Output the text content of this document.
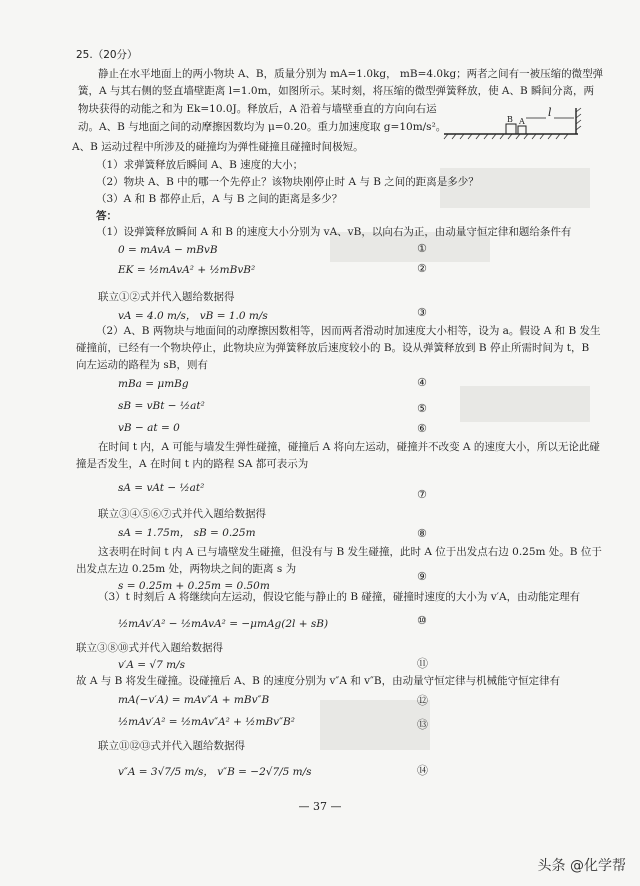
25.（20分）
静止在水平地面上的两小物块 A、B，质量分别为 mA=1.0kg， mB=4.0kg；两者之间有一被压缩的微型弹
簧，A 与其右侧的竖直墙壁距离 l=1.0m，如图所示。某时刻，将压缩的微型弹簧释放，使 A、B 瞬间分离，两
物块获得的动能之和为 Ek=10.0J。释放后，A 沿着与墙壁垂直的方向向右运
动。A、B 与地面之间的动摩擦因数均为 μ=0.20。重力加速度取 g=10m/s²。
A、B 运动过程中所涉及的碰撞均为弹性碰撞且碰撞时间极短。
（1）求弹簧释放后瞬间 A、B 速度的大小；
（2）物块 A、B 中的哪一个先停止？该物块刚停止时 A 与 B 之间的距离是多少？
（3）A 和 B 都停止后，A 与 B 之间的距离是多少？
B A
l
答：
（1）设弹簧释放瞬间 A 和 B 的速度大小分别为 vA、vB，以向右为正，由动量守恒定律和题给条件有
0 = mAvA − mBvB	①
EK = ½mAvA² + ½mBvB²	②
联立①②式并代入题给数据得
vA = 4.0 m/s， vB = 1.0 m/s	③
（2）A、B 两物块与地面间的动摩擦因数相等，因而两者滑动时加速度大小相等，设为 a。假设 A 和 B 发生
碰撞前，已经有一个物块停止，此物块应为弹簧释放后速度较小的 B。设从弹簧释放到 B 停止所需时间为 t，B
向左运动的路程为 sB，则有
mBa = μmBg	④
sB = vBt − ½at²	⑤
vB − at = 0	⑥
在时间 t 内，A 可能与墙发生弹性碰撞，碰撞后 A 将向左运动，碰撞并不改变 A 的速度大小，所以无论此碰
撞是否发生，A 在时间 t 内的路程 SA 都可表示为
sA = vAt − ½at²	⑦
联立③④⑤⑥⑦式并代入题给数据得
sA = 1.75m， sB = 0.25m	⑧
这表明在时间 t 内 A 已与墙壁发生碰撞，但没有与 B 发生碰撞，此时 A 位于出发点右边 0.25m 处。B 位于
出发点左边 0.25m 处，两物块之间的距离 s 为
s = 0.25m + 0.25m = 0.50m
⑨
（3）t 时刻后 A 将继续向左运动，假设它能与静止的 B 碰撞，碰撞时速度的大小为 v′A，由动能定理有
½mAv′A² − ½mAvA² = −μmAg(2l + sB)	⑩
联立③⑧⑩式并代入题给数据得
v′A = √7 m/s	⑪
故 A 与 B 将发生碰撞。设碰撞后 A、B 的速度分别为 v″A 和 v″B，由动量守恒定律与机械能守恒定律有
mA(−v′A) = mAv″A + mBv″B	⑫
½mAv′A² = ½mAv″A² + ½mBv″B²	⑬
联立⑪⑫⑬式并代入题给数据得
v″A = 3√7/5 m/s， v″B = −2√7/5 m/s	⑭
— 37 —
头条 @化学帮
